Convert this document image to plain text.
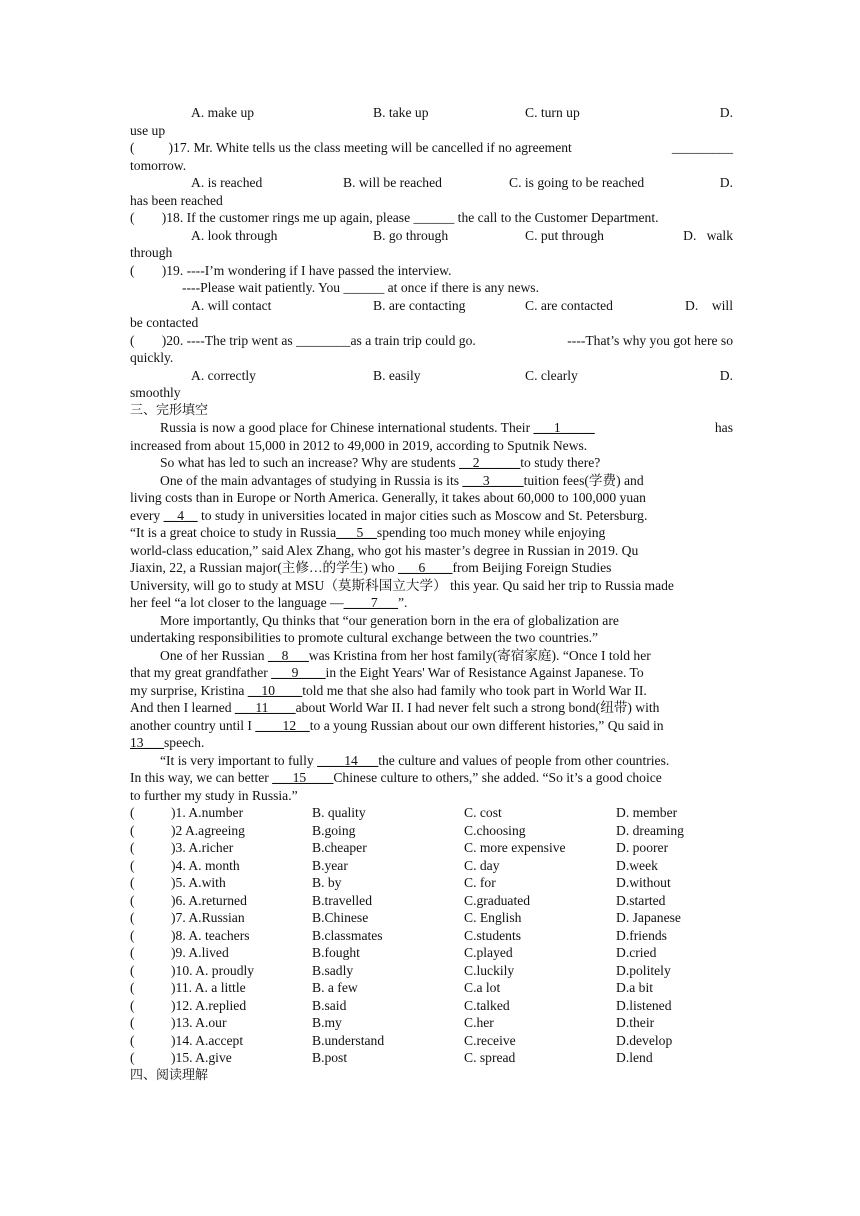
A. make up	B. take up	C. turn up	D.
use up
(	)17. Mr. White tells us the class meeting will be cancelled if no agreement	_________
tomorrow.
A. is reached	B. will be reached	C. is going to be reached	D.
has been reached
(        )18. If the customer rings me up again, please ______ the call to the Customer Department.
A. look through	B. go through	C. put through	D.   walk
through
(        )19. ----I’m wondering if I have passed the interview.
----Please wait patiently. You ______ at once if there is any news.
A. will contact	B. are contacting	C. are contacted	D.    will
be contacted
(        )20. ----The trip went as ________as a train trip could go.	----That’s why you got here so
quickly.
A. correctly	B. easily	C. clearly	D.
smoothly
三、完形填空
Russia is now a good place for Chinese international students. Their ___1_____	has
increased from about 15,000 in 2012 to 49,000 in 2019, according to Sputnik News.
So what has led to such an increase? Why are students __2______to study there?
One of the main advantages of studying in Russia is its ___3_____tuition fees(学费) and
living costs than in Europe or North America. Generally, it takes about 60,000 to 100,000 yuan
every __4__ to study in universities located in major cities such as Moscow and St. Petersburg.
“It is a great choice to study in Russia___5__spending too much money while enjoying
world-class education,” said Alex Zhang, who got his master’s degree in Russian in 2019. Qu
Jiaxin, 22, a Russian major(主修…的学生) who ___6____from Beijing Foreign Studies
University, will go to study at MSU（莫斯科国立大学） this year. Qu said her trip to Russia made
her feel “a lot closer to the language —____7___”.
More importantly, Qu thinks that “our generation born in the era of globalization are
undertaking responsibilities to promote cultural exchange between the two countries.”
One of her Russian __8___was Kristina from her host family(寄宿家庭). “Once I told her
that my great grandfather ___9____in the Eight Years' War of Resistance Against Japanese. To
my surprise, Kristina __10____told me that she also had family who took part in World War II.
And then I learned ___11____about World War II. I had never felt such a strong bond(纽带) with
another country until I ____12__to a young Russian about our own different histories,” Qu said in
13___speech.
“It is very important to fully ____14___the culture and values of people from other countries.
In this way, we can better ___15____Chinese culture to others,” she added. “So it’s a good choice
to further my study in Russia.”
(	)1. A.number	B. quality	C. cost	D. member
(	)2 A.agreeing	B.going	C.choosing	D. dreaming
(	)3. A.richer	B.cheaper	C. more expensive	D. poorer
(	)4. A. month	B.year	C. day	D.week
(	)5. A.with	B. by	C. for	D.without
(	)6. A.returned	B.travelled	C.graduated	D.started
(	)7. A.Russian	B.Chinese	C. English	D. Japanese
(	)8. A. teachers	B.classmates	C.students	D.friends
(	)9. A.lived	B.fought	C.played	D.cried
(	)10. A. proudly	B.sadly	C.luckily	D.politely
(	)11. A. a little	B. a few	C.a lot	D.a bit
(	)12. A.replied	B.said	C.talked	D.listened
(	)13. A.our	B.my	C.her	D.their
(	)14. A.accept	B.understand	C.receive	D.develop
(	)15. A.give	B.post	C. spread	D.lend
四、阅读理解
